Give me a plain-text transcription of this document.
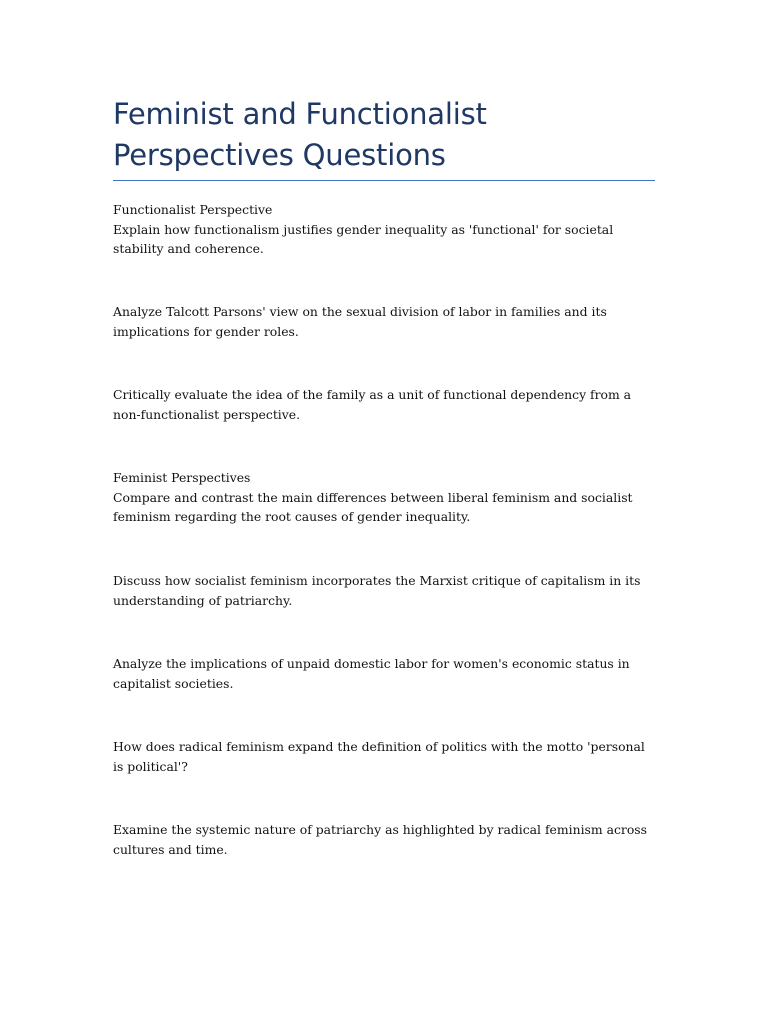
Feminist and Functionalist Perspectives Questions

Functionalist Perspective

Explain how functionalism justifies gender inequality as 'functional' for societal stability and coherence.

Analyze Talcott Parsons' view on the sexual division of labor in families and its implications for gender roles.

Critically evaluate the idea of the family as a unit of functional dependency from a non-functionalist perspective.

Feminist Perspectives

Compare and contrast the main differences between liberal feminism and socialist feminism regarding the root causes of gender inequality.

Discuss how socialist feminism incorporates the Marxist critique of capitalism in its understanding of patriarchy.

Analyze the implications of unpaid domestic labor for women's economic status in capitalist societies.

How does radical feminism expand the definition of politics with the motto 'personal is political'?

Examine the systemic nature of patriarchy as highlighted by radical feminism across cultures and time.
